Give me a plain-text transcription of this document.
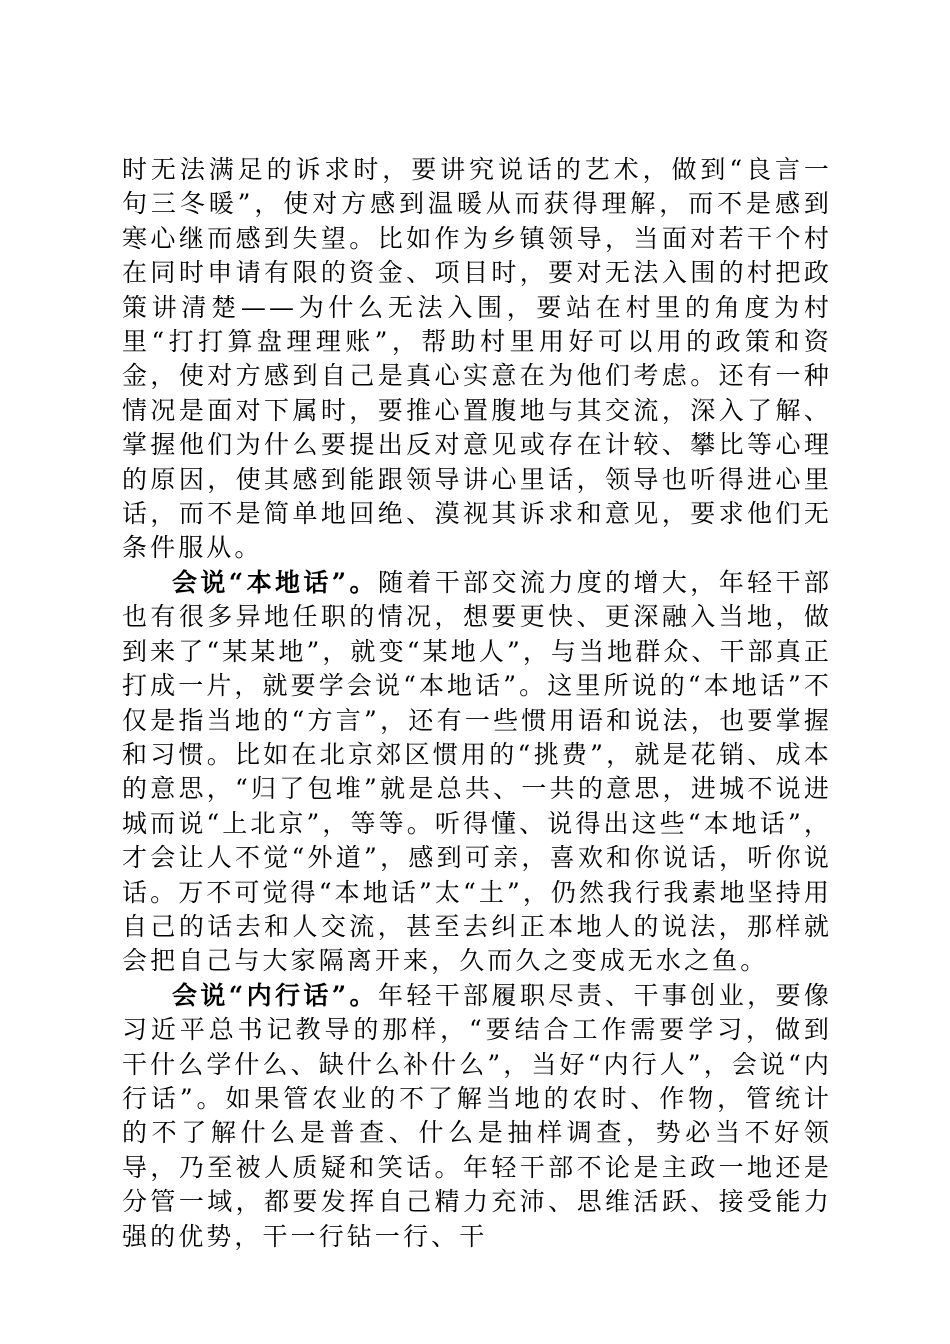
时无法满足的诉求时，要讲究说话的艺术，做到“良言一句三冬暖”，使对方感到温暖从而获得理解，而不是感到寒心继而感到失望。比如作为乡镇领导，当面对若干个村在同时申请有限的资金、项目时，要对无法入围的村把政策讲清楚——为什么无法入围，要站在村里的角度为村里“打打算盘理理账”，帮助村里用好可以用的政策和资金，使对方感到自己是真心实意在为他们考虑。还有一种情况是面对下属时，要推心置腹地与其交流，深入了解、掌握他们为什么要提出反对意见或存在计较、攀比等心理的原因，使其感到能跟领导讲心里话，领导也听得进心里话，而不是简单地回绝、漠视其诉求和意见，要求他们无条件服从。

会说“本地话”。随着干部交流力度的增大，年轻干部也有很多异地任职的情况，想要更快、更深融入当地，做到来了“某某地”，就变“某地人”，与当地群众、干部真正打成一片，就要学会说“本地话”。这里所说的“本地话”不仅是指当地的“方言”，还有一些惯用语和说法，也要掌握和习惯。比如在北京郊区惯用的“挑费”，就是花销、成本的意思，“归了包堆”就是总共、一共的意思，进城不说进城而说“上北京”，等等。听得懂、说得出这些“本地话”，才会让人不觉“外道”，感到可亲，喜欢和你说话，听你说话。万不可觉得“本地话”太“土”，仍然我行我素地坚持用自己的话去和人交流，甚至去纠正本地人的说法，那样就会把自己与大家隔离开来，久而久之变成无水之鱼。

会说“内行话”。年轻干部履职尽责、干事创业，要像习近平总书记教导的那样，“要结合工作需要学习，做到干什么学什么、缺什么补什么”，当好“内行人”，会说“内行话”。如果管农业的不了解当地的农时、作物，管统计的不了解什么是普查、什么是抽样调查，势必当不好领导，乃至被人质疑和笑话。年轻干部不论是主政一地还是分管一域，都要发挥自己精力充沛、思维活跃、接受能力强的优势，干一行钻一行、干
